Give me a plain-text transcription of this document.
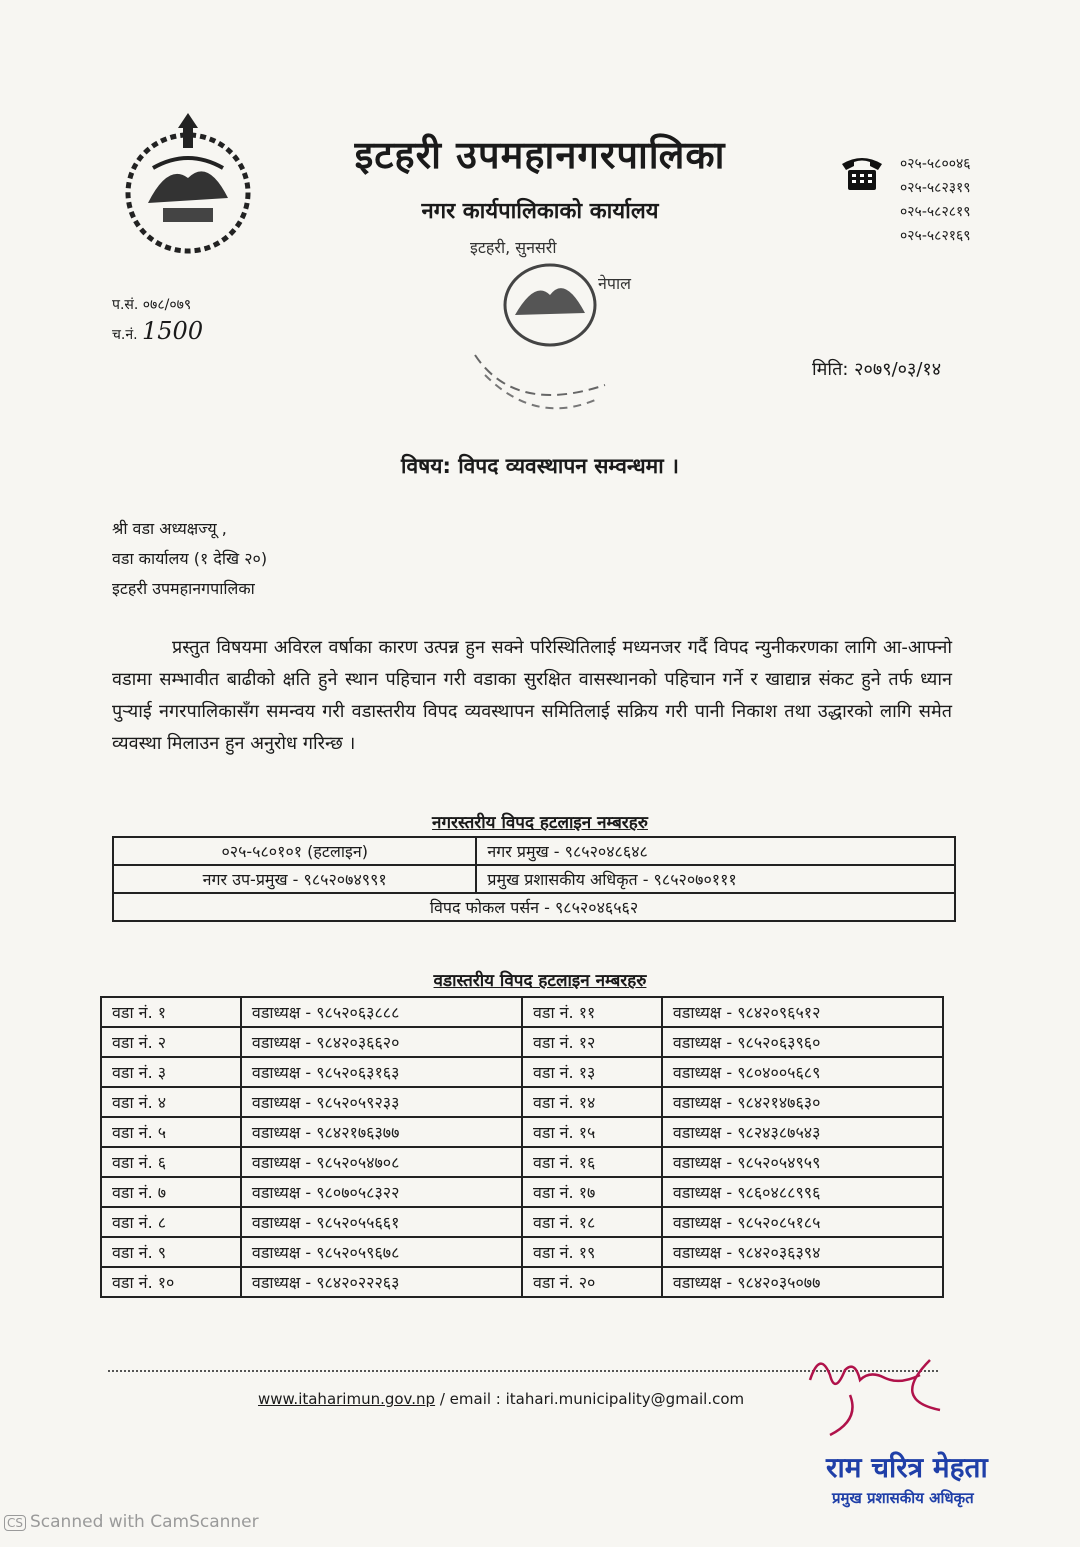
इटहरी उपमहानगरपालिका
नगर कार्यपालिकाको कार्यालय
०२५-५८००४६
०२५-५८२३१९
०२५-५८२८१९
०२५-५८२१६९
इटहरी, सुनसरी
नेपाल
प.सं. ०७८/०७९
च.नं. 1500
मिति: २०७९/०३/१४
विषय: विपद व्यवस्थापन सम्वन्धमा ।
श्री वडा अध्यक्षज्यू ,
वडा कार्यालय (१ देखि २०)
इटहरी उपमहानगपालिका
प्रस्तुत विषयमा अविरल वर्षाका कारण उत्पन्न हुन सक्ने परिस्थितिलाई मध्यनजर गर्दै विपद न्युनीकरणका लागि आ-आफ्नो वडामा सम्भावीत बाढीको क्षति हुने स्थान पहिचान गरी वडाका सुरक्षित वासस्थानको पहिचान गर्ने र खाद्यान्न संकट हुने तर्फ ध्यान पुऱ्याई नगरपालिकासँग समन्वय गरी वडास्तरीय विपद व्यवस्थापन समितिलाई सक्रिय गरी पानी निकाश तथा उद्धारको लागि समेत व्यवस्था मिलाउन हुन अनुरोध गरिन्छ ।
नगरस्तरीय विपद हटलाइन नम्बरहरु
०२५-५८०१०१ (हटलाइन)	नगर प्रमुख - ९८५२०४८६४८
नगर उप-प्रमुख - ९८५२०७४९९१	प्रमुख प्रशासकीय अधिकृत - ९८५२०७०१११
विपद फोकल पर्सन - ९८५२०४६५६२	
वडास्तरीय विपद हटलाइन नम्बरहरु
वडा नं. १	वडाध्यक्ष - ९८५२०६३८८८	वडा नं. ११	वडाध्यक्ष - ९८४२०९६५१२
वडा नं. २	वडाध्यक्ष - ९८४२०३६६२०	वडा नं. १२	वडाध्यक्ष - ९८५२०६३९६०
वडा नं. ३	वडाध्यक्ष - ९८५२०६३१६३	वडा नं. १३	वडाध्यक्ष - ९८०४००५६८९
वडा नं. ४	वडाध्यक्ष - ९८५२०५९२३३	वडा नं. १४	वडाध्यक्ष - ९८४२१४७६३०
वडा नं. ५	वडाध्यक्ष - ९८४२१७६३७७	वडा नं. १५	वडाध्यक्ष - ९८२४३८७५४३
वडा नं. ६	वडाध्यक्ष - ९८५२०५४७०८	वडा नं. १६	वडाध्यक्ष - ९८५२०५४९५९
वडा नं. ७	वडाध्यक्ष - ९८०७०५८३२२	वडा नं. १७	वडाध्यक्ष - ९८६०४८८९९६
वडा नं. ८	वडाध्यक्ष - ९८५२०५५६६१	वडा नं. १८	वडाध्यक्ष - ९८५२०८५१८५
वडा नं. ९	वडाध्यक्ष - ९८५२०५९६७८	वडा नं. १९	वडाध्यक्ष - ९८४२०३६३९४
वडा नं. १०	वडाध्यक्ष - ९८४२०२२२६३	वडा नं. २०	वडाध्यक्ष - ९८४२०३५०७७
www.itaharimun.gov.np / email : itahari.municipality@gmail.com
राम चरित्र मेहता
प्रमुख प्रशासकीय अधिकृत
CS Scanned with CamScanner
